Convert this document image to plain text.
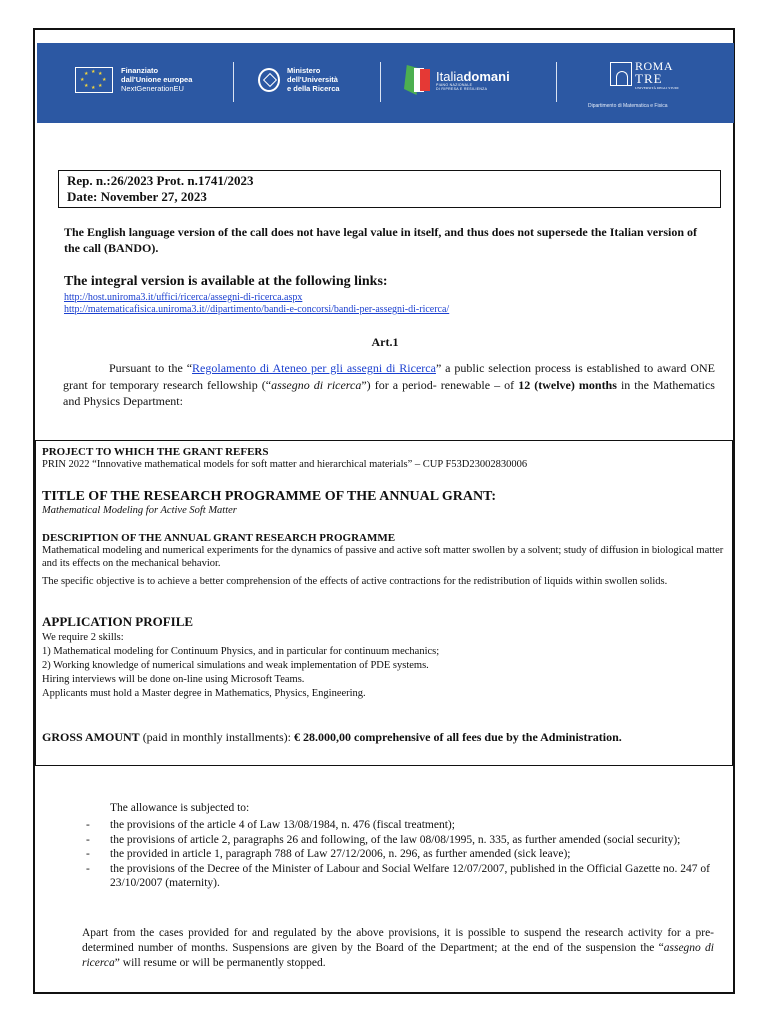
★ ★
★
★
★
★
★
★	Finanziato
dall'Unione europea
NextGenerationEU
Ministero
dell'Università
e della Ricerca
Italiadomani
PIANO NAZIONALE
DI RIPRESA E RESILIENZA
ROMA
TRE
UNIVERSITÀ DEGLI STUDI
Dipartimento di Matematica e Fisica
Rep. n.:26/2023 Prot. n.1741/2023
Date: November 27, 2023
The English language version of the call does not have legal value in itself, and thus does not supersede the Italian version of the call (BANDO).
The integral version is available at the following links:
http://host.uniroma3.it/uffici/ricerca/assegni-di-ricerca.aspx
http://matematicafisica.uniroma3.it//dipartimento/bandi-e-concorsi/bandi-per-assegni-di-ricerca/
Art.1
Pursuant to the “Regolamento di Ateneo per gli assegni di Ricerca” a public selection process is established to award ONE grant for temporary research fellowship (“assegno di ricerca”) for a period- renewable – of 12 (twelve) months in the Mathematics and Physics Department:
PROJECT TO WHICH THE GRANT REFERS
PRIN 2022 “Innovative mathematical models for soft matter and hierarchical materials” – CUP F53D23002830006
TITLE OF THE RESEARCH PROGRAMME OF THE ANNUAL GRANT:
Mathematical Modeling for Active Soft Matter
DESCRIPTION OF THE ANNUAL GRANT RESEARCH PROGRAMME
Mathematical modeling and numerical experiments for the dynamics of passive and active soft matter swollen by a solvent; study of diffusion in biological matter and its effects on the mechanical behavior.
The specific objective is to achieve a better comprehension of the effects of active contractions for the redistribution of liquids within swollen solids.
APPLICATION PROFILE
We require 2 skills:
1) Mathematical modeling for Continuum Physics, and in particular for continuum mechanics;
2) Working knowledge of numerical simulations and weak implementation of PDE systems.
Hiring interviews will be done on-line using Microsoft Teams.
Applicants must hold a Master degree in Mathematics, Physics, Engineering.
GROSS AMOUNT (paid in monthly installments): € 28.000,00 comprehensive of all fees due by the Administration.
The allowance is subjected to:
- the provisions of the article 4 of Law 13/08/1984, n. 476 (fiscal treatment);
- the provisions of article 2, paragraphs 26 and following, of the law 08/08/1995, n. 335, as further amended (social security);
- the provided in article 1, paragraph 788 of Law 27/12/2006, n. 296, as further amended (sick leave);
- the provisions of the Decree of the Minister of Labour and Social Welfare 12/07/2007, published in the Official Gazette no. 247 of 23/10/2007 (maternity).
Apart from the cases provided for and regulated by the above provisions, it is possible to suspend the research activity for a pre-determined number of months. Suspensions are given by the Board of the Department; at the end of the suspension the “assegno di ricerca” will resume or will be permanently stopped.
